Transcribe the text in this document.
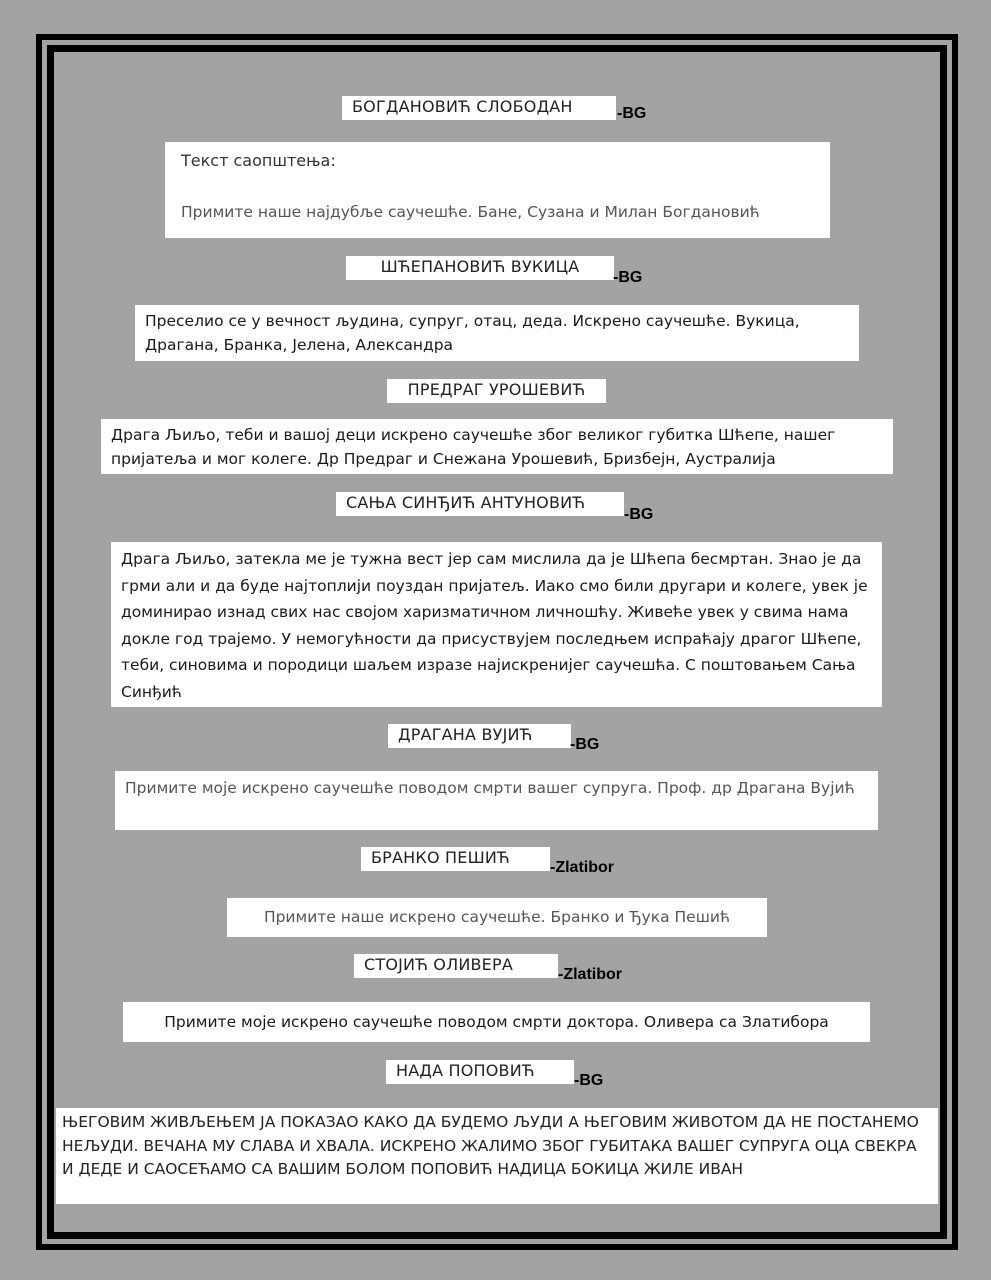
БОГДАНОВИЋ СЛОБОДАН	-BG

Текст саопштења:

Примите наше најдубље саучешће. Бане, Сузана и Милан Богдановић

ШЋЕПАНОВИЋ ВУКИЦА
-BG

Преселио се у вечност људина, супруг, отац, деда. Искрено саучешће. Вукица, Драгана, Бранка, Јелена, Александра

ПРЕДРАГ УРОШЕВИЋ

Драга Љиљо, теби и вашој деци искрено саучешће због великог губитка Шћепе, нашег пријатеља и мог колеге. Др Предраг и Снежана Урошевић, Бризбејн, Аустралија

САЊА СИНЂИЋ АНТУНОВИЋ
-BG

Драга Љиљо, затекла ме је тужна вест јер сам мислила да је Шћепа бесмртан. Знао је да грми али и да буде најтоплији поуздан пријатељ. Иако смо били другари и колеге, увек је доминирао изнад свих нас својом харизматичном личношћу. Живеће увек у свима нама докле год трајемо. У немогућности да присуствујем последњем испраћају драгог Шћепе, теби, синовима и породици шаљем изразе најискренијег саучешћа. С поштовањем Сања Синђић

ДРАГАНА ВУЈИЋ
-BG

Примите моје искрено саучешће поводом смрти вашег супруга. Проф. др Драгана Вујић

БРАНКО ПЕШИЋ
-Zlatibor

Примите наше искрено саучешће. Бранко и Ђука Пешић

СТОЈИЋ ОЛИВЕРА
-Zlatibor

Примите моје искрено саучешће поводом смрти доктора. Оливера са Златибора

НАДА ПОПОВИЋ
-BG

ЊЕГОВИМ ЖИВЉЕЊЕМ ЈА ПОКАЗАО КАКО ДА БУДЕМО ЉУДИ А ЊЕГОВИМ ЖИВОТОМ ДА НЕ ПОСТАНЕМО НЕЉУДИ. ВЕЧАНА МУ СЛАВА И ХВАЛА. ИСКРЕНО ЖАЛИМО ЗБОГ ГУБИТАКА ВАШЕГ СУПРУГА ОЦА СВЕКРА И ДЕДЕ И САОСЕЋАМО СА ВАШИМ БОЛОМ ПОПОВИЋ НАДИЦА БОКИЦА ЖИЛЕ ИВАН
